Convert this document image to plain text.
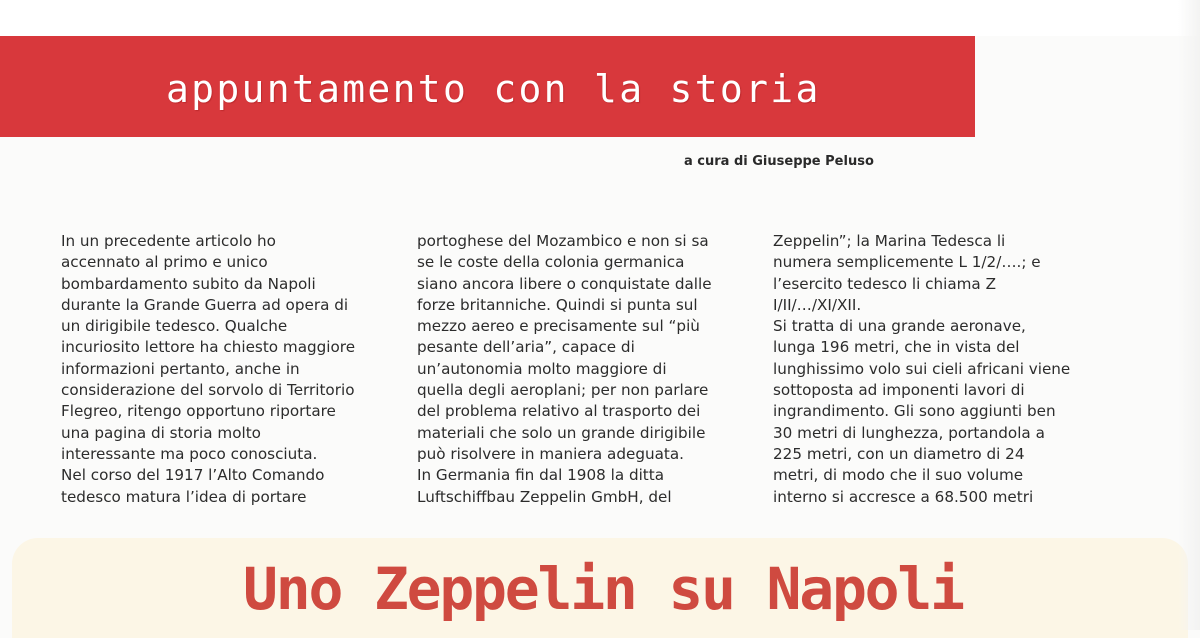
appuntamento con la storia
a cura di Giuseppe Peluso
In un precedente articolo ho
accennato al primo e unico
bombardamento subito da Napoli
durante la Grande Guerra ad opera di
un dirigibile tedesco. Qualche
incuriosito lettore ha chiesto maggiore
informazioni pertanto, anche in
considerazione del sorvolo di Territorio
Flegreo, ritengo opportuno riportare
una pagina di storia molto
interessante ma poco conosciuta.
Nel corso del 1917 l’Alto Comando
tedesco matura l’idea di portare
portoghese del Mozambico e non si sa
se le coste della colonia germanica
siano ancora libere o conquistate dalle
forze britanniche. Quindi si punta sul
mezzo aereo e precisamente sul “più
pesante dell’aria”, capace di
un’autonomia molto maggiore di
quella degli aeroplani; per non parlare
del problema relativo al trasporto dei
materiali che solo un grande dirigibile
può risolvere in maniera adeguata.
In Germania fin dal 1908 la ditta
Luftschiffbau Zeppelin GmbH, del
Zeppelin”; la Marina Tedesca li
numera semplicemente L 1/2/….; e
l’esercito tedesco li chiama Z
I/II/…/XI/XII.
Si tratta di una grande aeronave,
lunga 196 metri, che in vista del
lunghissimo volo sui cieli africani viene
sottoposta ad imponenti lavori di
ingrandimento. Gli sono aggiunti ben
30 metri di lunghezza, portandola a
225 metri, con un diametro di 24
metri, di modo che il suo volume
interno si accresce a 68.500 metri
Uno Zeppelin su Napoli
